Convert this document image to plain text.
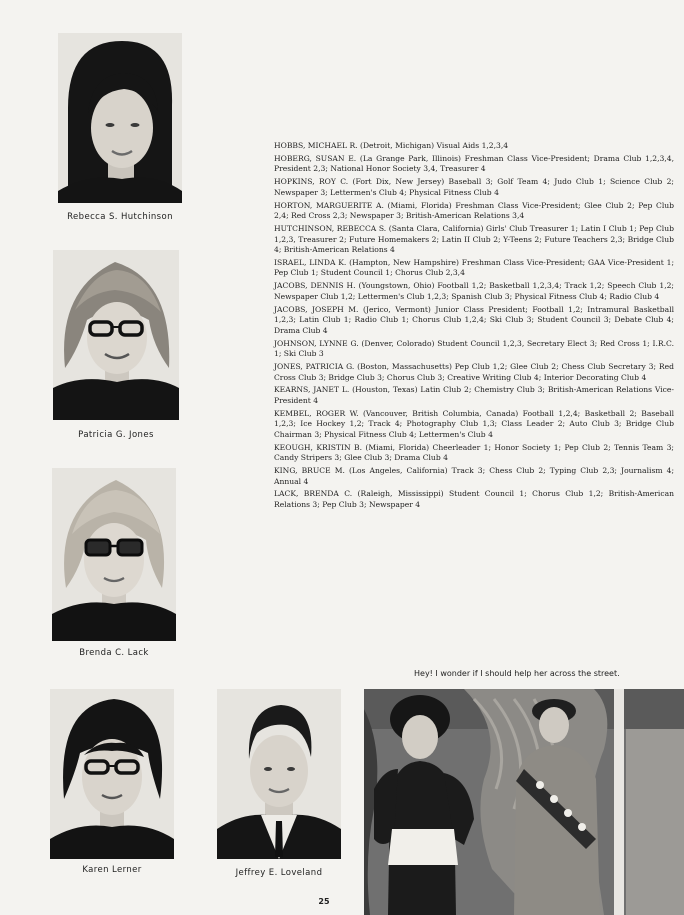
Rebecca S. Hutchinson
Patricia G. Jones
Brenda C. Lack
Karen Lerner	Jeffrey E. Loveland

HOBBS, MICHAEL R. (Detroit, Michigan) Visual Aids 1,2,3,4

HOBERG, SUSAN E. (La Grange Park, Illinois) Freshman Class Vice-President; Drama Club 1,2,3,4, President 2,3; National Honor Society 3,4, Treasurer 4

HOPKINS, ROY C. (Fort Dix, New Jersey) Baseball 3; Golf Team 4; Judo Club 1; Science Club 2; Newspaper 3; Lettermen's Club 4; Physical Fitness Club 4

HORTON, MARGUERITE A. (Miami, Florida) Freshman Class Vice-President; Glee Club 2; Pep Club 2,4; Red Cross 2,3; Newspaper 3; British-American Relations 3,4

HUTCHINSON, REBECCA S. (Santa Clara, California) Girls' Club Treasurer 1; Latin I Club 1; Pep Club 1,2,3, Treasurer 2; Future Homemakers 2; Latin II Club 2; Y-Teens 2; Future Teachers 2,3; Bridge Club 4; British-American Relations 4

ISRAEL, LINDA K. (Hampton, New Hampshire) Freshman Class Vice-President; GAA Vice-President 1; Pep Club 1; Student Council 1; Chorus Club 2,3,4

JACOBS, DENNIS H. (Youngstown, Ohio) Football 1,2; Basketball 1,2,3,4; Track 1,2; Speech Club 1,2; Newspaper Club 1,2; Lettermen's Club 1,2,3; Spanish Club 3; Physical Fitness Club 4; Radio Club 4

JACOBS, JOSEPH M. (Jerico, Vermont) Junior Class President; Football 1,2; Intramural Basketball 1,2,3; Latin Club 1; Radio Club 1; Chorus Club 1,2,4; Ski Club 3; Student Council 3; Debate Club 4; Drama Club 4

JOHNSON, LYNNE G. (Denver, Colorado) Student Council 1,2,3, Secretary Elect 3; Red Cross 1; I.R.C. 1; Ski Club 3

JONES, PATRICIA G. (Boston, Massachusetts) Pep Club 1,2; Glee Club 2; Chess Club Secretary 3; Red Cross Club 3; Bridge Club 3; Chorus Club 3; Creative Writing Club 4; Interior Decorating Club 4

KEARNS, JANET L. (Houston, Texas) Latin Club 2; Chemistry Club 3; British-American Relations Vice-President 4

KEMBEL, ROGER W. (Vancouver, British Columbia, Canada) Football 1,2,4; Basketball 2; Baseball 1,2,3; Ice Hockey 1,2; Track 4; Photography Club 1,3; Class Leader 2; Auto Club 3; Bridge Club Chairman 3; Physical Fitness Club 4; Lettermen's Club 4

KEOUGH, KRISTIN B. (Miami, Florida) Cheerleader 1; Honor Society 1; Pep Club 2; Tennis Team 3; Candy Stripers 3; Glee Club 3; Drama Club 4

KING, BRUCE M. (Los Angeles, California) Track 3; Chess Club 2; Typing Club 2,3; Journalism 4; Annual 4

LACK, BRENDA C. (Raleigh, Mississippi) Student Council 1; Chorus Club 1,2; British-American Relations 3; Pep Club 3; Newspaper 4

Hey! I wonder if I should help her across the street.
25
